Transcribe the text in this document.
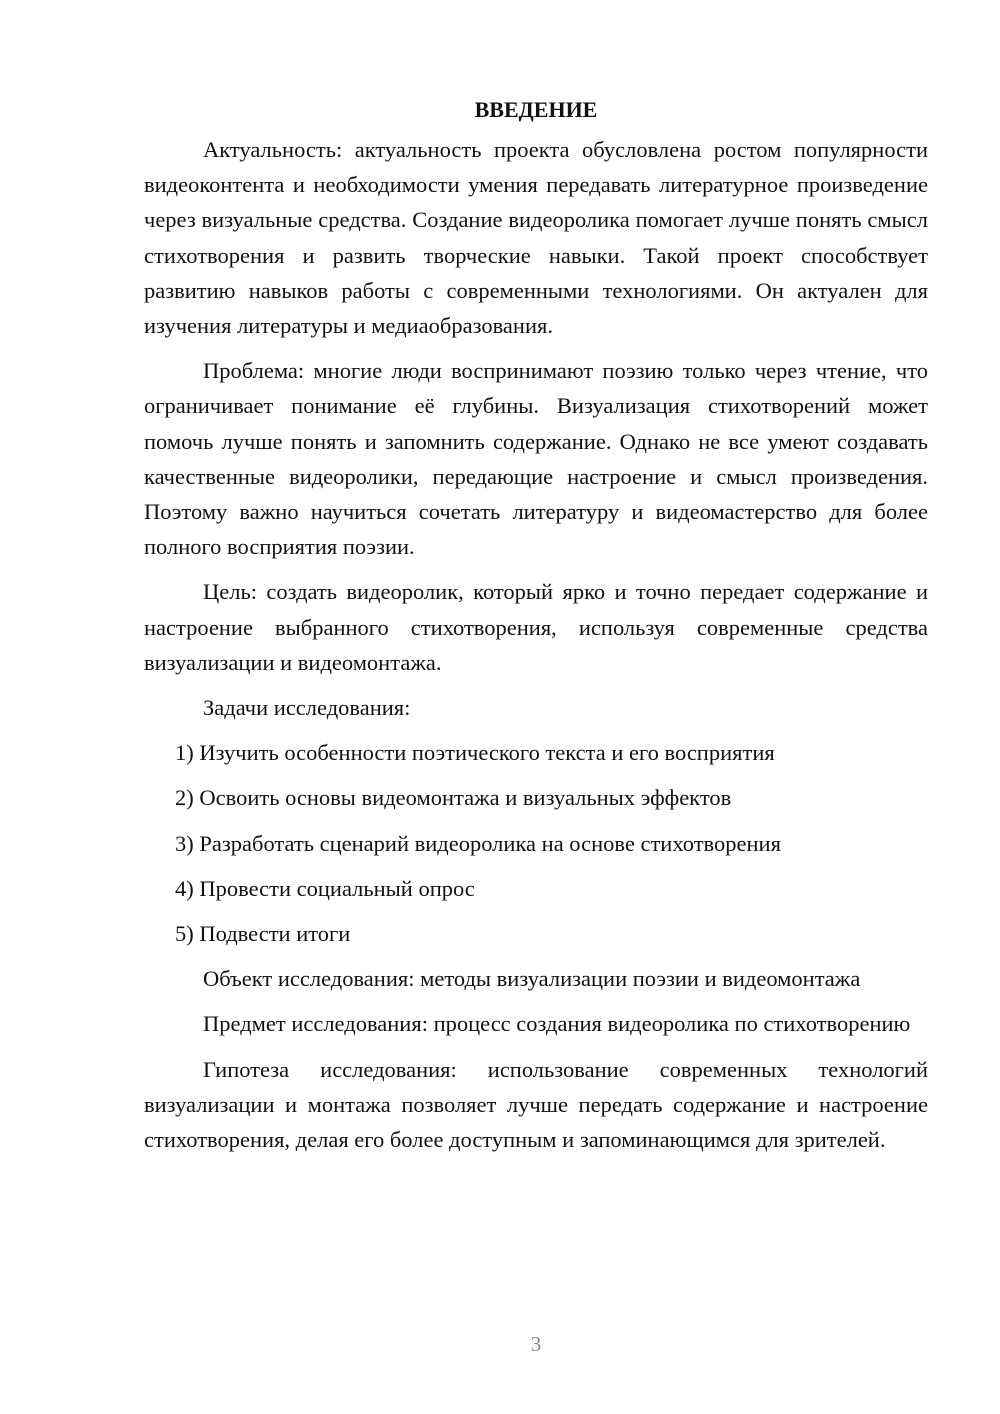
ВВЕДЕНИЕ

Актуальность: актуальность проекта обусловлена ростом популярности видеоконтента и необходимости умения передавать литературное произведение через визуальные средства. Создание видеоролика помогает лучше понять смысл стихотворения и развить творческие навыки. Такой проект способствует развитию навыков работы с современными технологиями. Он актуален для изучения литературы и медиаобразования.

Проблема: многие люди воспринимают поэзию только через чтение, что ограничивает понимание её глубины. Визуализация стихотворений может помочь лучше понять и запомнить содержание. Однако не все умеют создавать качественные видеоролики, передающие настроение и смысл произведения. Поэтому важно научиться сочетать литературу и видеомастерство для более полного восприятия поэзии.

Цель: создать видеоролик, который ярко и точно передает содержание и настроение выбранного стихотворения, используя современные средства визуализации и видеомонтажа.

Задачи исследования:

1) Изучить особенности поэтического текста и его восприятия

2) Освоить основы видеомонтажа и визуальных эффектов

3) Разработать сценарий видеоролика на основе стихотворения

4) Провести социальный опрос

5) Подвести итоги

Объект исследования: методы визуализации поэзии и видеомонтажа

Предмет исследования: процесс создания видеоролика по стихотворению

Гипотеза исследования: использование современных технологий визуализации и монтажа позволяет лучше передать содержание и настроение стихотворения, делая его более доступным и запоминающимся для зрителей.

3
